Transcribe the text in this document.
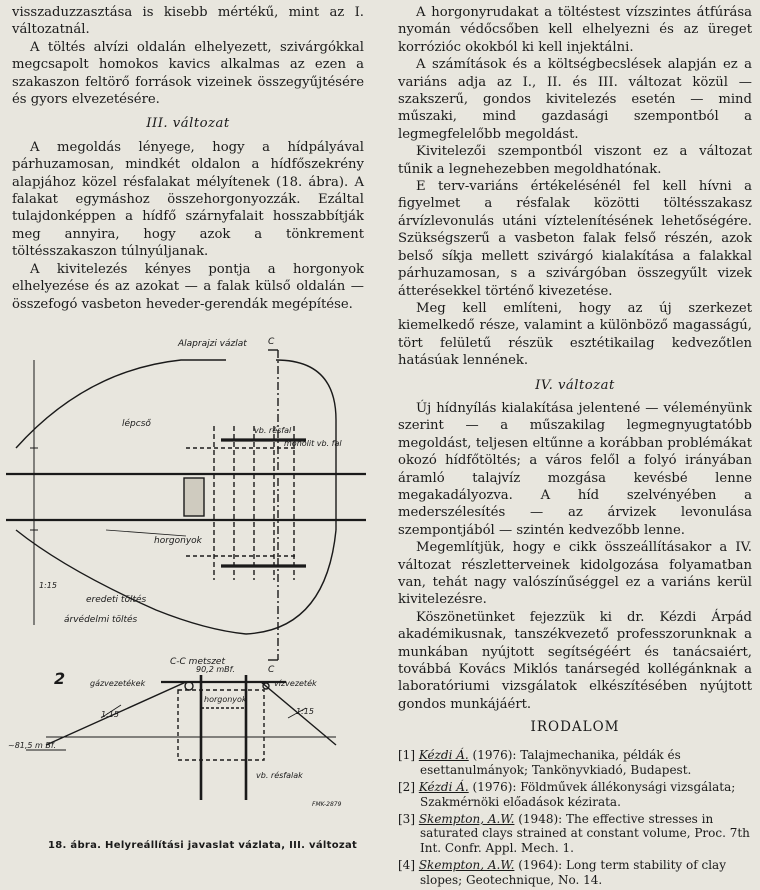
visszaduzzasztása is kisebb mértékű, mint az I. változatnál.

A töltés alvízi oldalán elhelyezett, szivárgókkal megcsapolt homokos kavics alkalmas az ezen a szakaszon feltörő források vizeinek összegyűjtésére és gyors elvezetésére.

III. változat

A megoldás lényege, hogy a hídpályával párhuzamosan, mindkét oldalon a hídfőszekrény alapjához közel résfalakat mélyítenek (18. ábra). A falakat egymáshoz összehorgonyozzák. Ezáltal tulajdonképpen a hídfő szárnyfalait hosszabbítják meg annyira, hogy azok a tönkrement töltésszakaszon túlnyúljanak.

A kivitelezés kényes pontja a horgonyok elhelyezése és az azokat — a falak külső oldalán — összefogó vasbeton heveder-gerendák megépítése.

A horgonyrudakat a töltéstest vízszintes átfúrása nyomán védőcsőben kell elhelyezni és az üreget korrózióс okokból ki kell injektálni.

A számítások és a költségbecslések alapján ez a variáns adja az I., II. és III. változat közül — szakszerű, gondos kivitelezés esetén — mind műszaki, mind gazdasági szempontból a legmegfelelőbb megoldást.

Kivitelezői szempontból viszont ez a változat tűnik a legnehezebben megoldhatónak.

E terv-variáns értékelésénél fel kell hívni a figyelmet a résfalak közötti töltésszakasz árvízlevonulás utáni víztelenítésének lehetőségére. Szükségszerű a vasbeton falak felső részén, azok belső síkja mellett szivárgó kialakítása a falakkal párhuzamosan, s a szivárgóban összegyűlt vizek átterésekkel történő kivezetése.

Meg kell említeni, hogy az új szerkezet kiemelkedő része, valamint a különböző magasságú, tört felületű részük esztétikailag kedvezőtlen hatásúak lennének.

IV. változat

Új hídnyílás kialakítása jelentené — véleményünk szerint — a műszakilag legmegnyugtatóbb megoldást, teljesen eltűnne a korábban problémákat okozó hídfőtöltés; a város felől a folyó irányában áramló talajvíz mozgása kevésbé lenne megakadályozva. A híd szelvényében a mederszélesítés — az árvizek levonulása szempontjából — szintén kedvezőbb lenne.

Megemlítjük, hogy e cikk összeállításakor a IV. változat részletterveinek kidolgozása folyamatban van, tehát nagy valószínűséggel ez a variáns kerül kivitelezésre.

Köszönetünket fejezzük ki dr. Kézdi Árpád akadémikusnak, tanszékvezető professzorunknak a munkában nyújtott segítségéért és tanácsaiért, továbbá Kovács Miklós tanársegéd kollégánknak a laboratóriumi vizsgálatok elkészítésében nyújtott gondos munkájáért.

IRODALOM
[1] Kézdi Á. (1976): Talajmechanika, példák és esettanulmányok; Tankönyvkiadó, Budapest.
[2] Kézdi Á. (1976): Földművek állékonysági vizsgálata; Szakmérnöki előadások kézirata.
[3] Skempton, A.W. (1948): The effective stresses in saturated clays strained at constant volume, Proc. 7th Int. Confr. Appl. Mech. 1.
[4] Skempton, A.W. (1964): Long term stability of clay slopes; Geotechnique, No. 14.
Alaprajzi vázlat C
C
lépcső
vb. résfal
monolit vb. fal
horgonyok
1:15
eredeti töltés
árvédelmi töltés
C-C metszet
2	gázvezetékek
90,2 mBf.
vízvezeték
1:15	1:15
horgonyok
~81,5 m Bf.
vb. résfalak
FMK-2879
18. ábra. Helyreállítási javaslat vázlata, III. változat
